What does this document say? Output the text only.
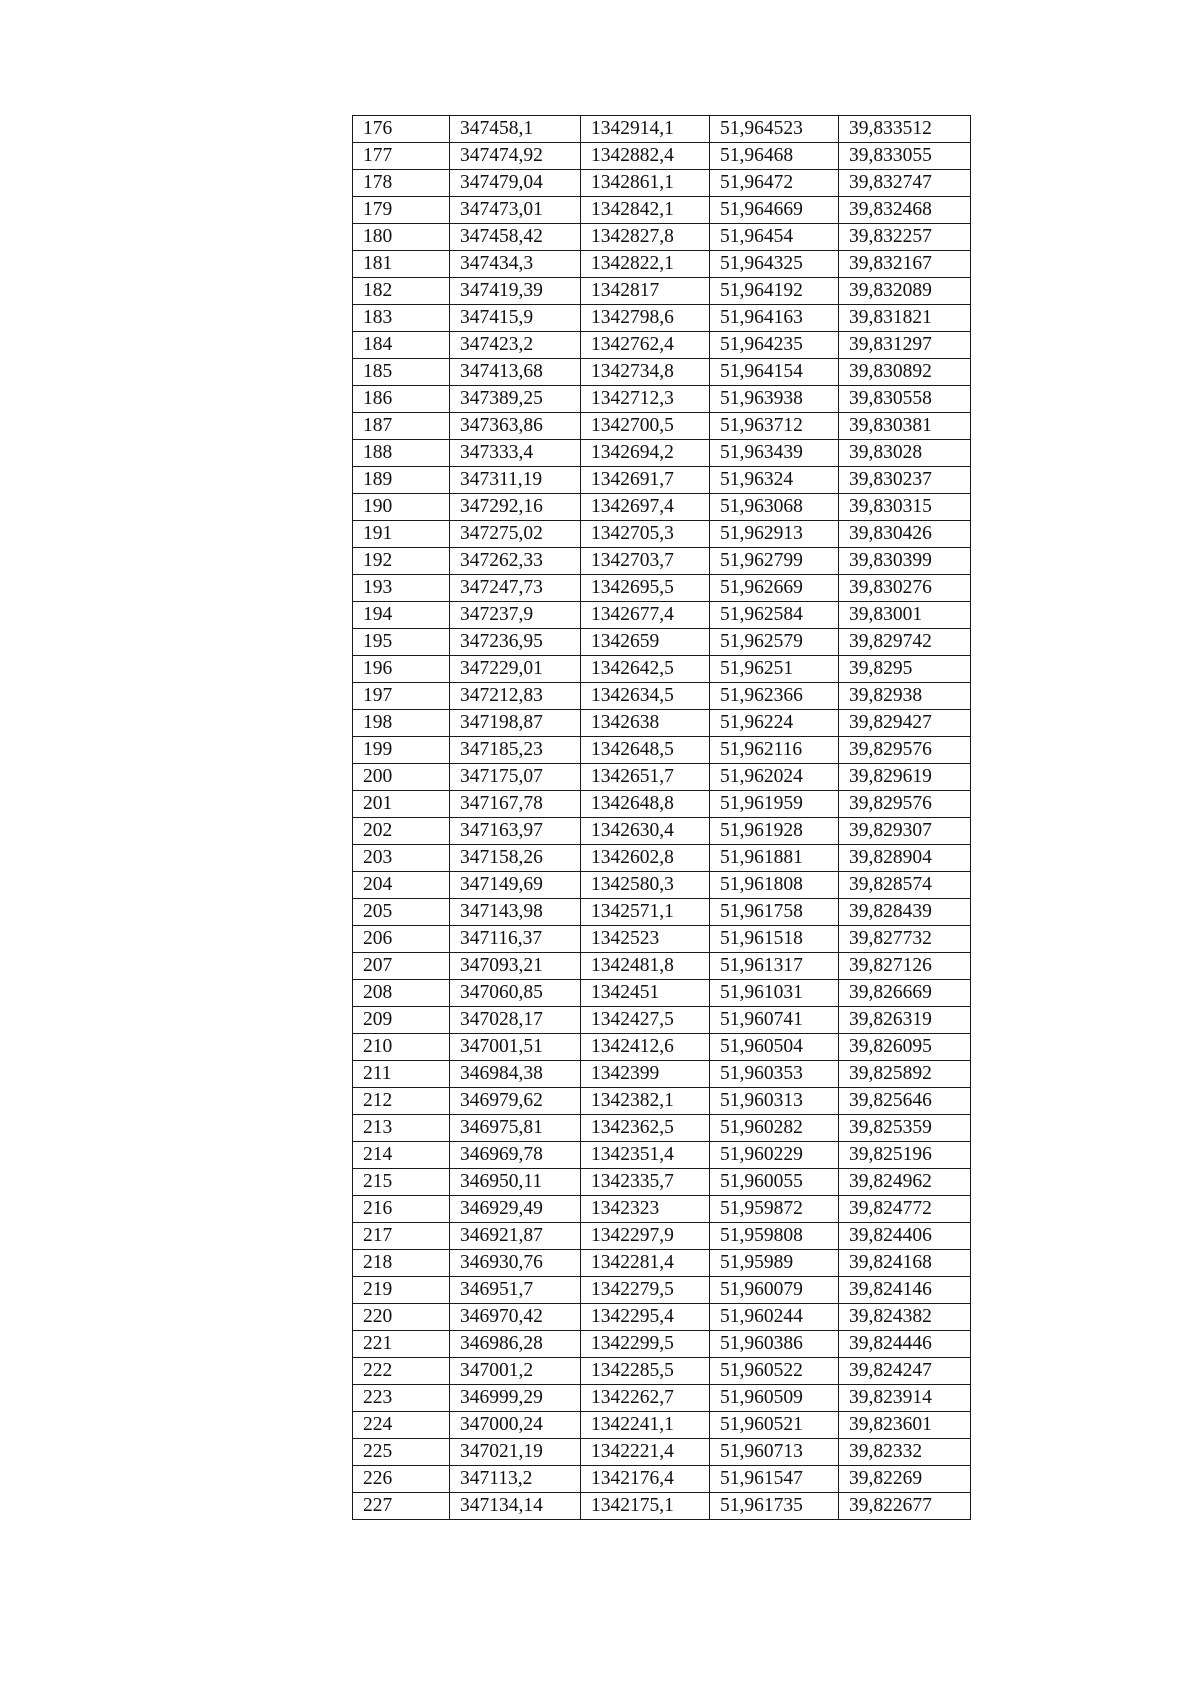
176	347458,1	1342914,1	51,964523	39,833512
177	347474,92	1342882,4	51,96468	39,833055
178	347479,04	1342861,1	51,96472	39,832747
179	347473,01	1342842,1	51,964669	39,832468
180	347458,42	1342827,8	51,96454	39,832257
181	347434,3	1342822,1	51,964325	39,832167
182	347419,39	1342817	51,964192	39,832089
183	347415,9	1342798,6	51,964163	39,831821
184	347423,2	1342762,4	51,964235	39,831297
185	347413,68	1342734,8	51,964154	39,830892
186	347389,25	1342712,3	51,963938	39,830558
187	347363,86	1342700,5	51,963712	39,830381
188	347333,4	1342694,2	51,963439	39,83028
189	347311,19	1342691,7	51,96324	39,830237
190	347292,16	1342697,4	51,963068	39,830315
191	347275,02	1342705,3	51,962913	39,830426
192	347262,33	1342703,7	51,962799	39,830399
193	347247,73	1342695,5	51,962669	39,830276
194	347237,9	1342677,4	51,962584	39,83001
195	347236,95	1342659	51,962579	39,829742
196	347229,01	1342642,5	51,96251	39,8295
197	347212,83	1342634,5	51,962366	39,82938
198	347198,87	1342638	51,96224	39,829427
199	347185,23	1342648,5	51,962116	39,829576
200	347175,07	1342651,7	51,962024	39,829619
201	347167,78	1342648,8	51,961959	39,829576
202	347163,97	1342630,4	51,961928	39,829307
203	347158,26	1342602,8	51,961881	39,828904
204	347149,69	1342580,3	51,961808	39,828574
205	347143,98	1342571,1	51,961758	39,828439
206	347116,37	1342523	51,961518	39,827732
207	347093,21	1342481,8	51,961317	39,827126
208	347060,85	1342451	51,961031	39,826669
209	347028,17	1342427,5	51,960741	39,826319
210	347001,51	1342412,6	51,960504	39,826095
211	346984,38	1342399	51,960353	39,825892
212	346979,62	1342382,1	51,960313	39,825646
213	346975,81	1342362,5	51,960282	39,825359
214	346969,78	1342351,4	51,960229	39,825196
215	346950,11	1342335,7	51,960055	39,824962
216	346929,49	1342323	51,959872	39,824772
217	346921,87	1342297,9	51,959808	39,824406
218	346930,76	1342281,4	51,95989	39,824168
219	346951,7	1342279,5	51,960079	39,824146
220	346970,42	1342295,4	51,960244	39,824382
221	346986,28	1342299,5	51,960386	39,824446
222	347001,2	1342285,5	51,960522	39,824247
223	346999,29	1342262,7	51,960509	39,823914
224	347000,24	1342241,1	51,960521	39,823601
225	347021,19	1342221,4	51,960713	39,82332
226	347113,2	1342176,4	51,961547	39,82269
227	347134,14	1342175,1	51,961735	39,822677
